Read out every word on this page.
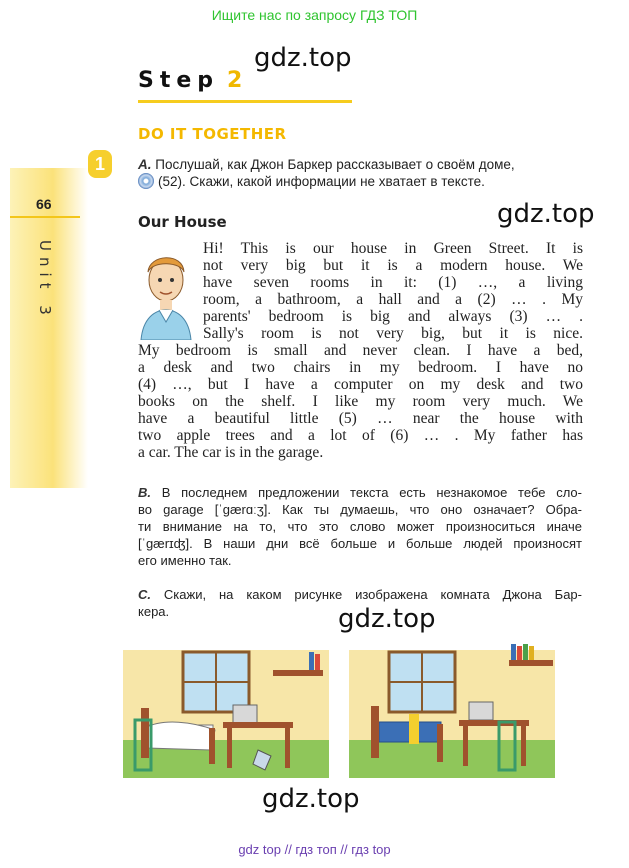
Ищите нас по запросу ГДЗ ТОП
gdz.top
gdz.top
gdz.top
gdz.top
Step 2
66
Unit 3
DO IT TOGETHER
1	A. Послушай, как Джон Баркер рассказывает о своём доме,
(52). Скажи, какой информации не хватает в тексте.
Our House
Hi! This is our house in Green Street. It is
not very big but it is a modern house. We
have seven rooms in it: (1) …, a living
room, a bathroom, a hall and a (2) … . My
parents' bedroom is big and always (3) … .
Sally's room is not very big, but it is nice.
My bedroom is small and never clean. I have a bed,
a desk and two chairs in my bedroom. I have no
(4) …, but I have a computer on my desk and two
books on the shelf. I like my room very much. We
have a beautiful little (5) … near the house with
two apple trees and a lot of (6) … . My father has
a car. The car is in the garage.
B. В последнем предложении текста есть незнакомое тебе сло-
во garage [ˈgærɑːʒ]. Как ты думаешь, что оно означает? Обра-
ти внимание на то, что это слово может произноситься иначе
[ˈgærɪʤ]. В наши дни всё больше и больше людей произносят
его именно так.
C. Скажи, на каком рисунке изображена комната Джона Бар-
кера.
gdz top // гдз топ // гдз top
